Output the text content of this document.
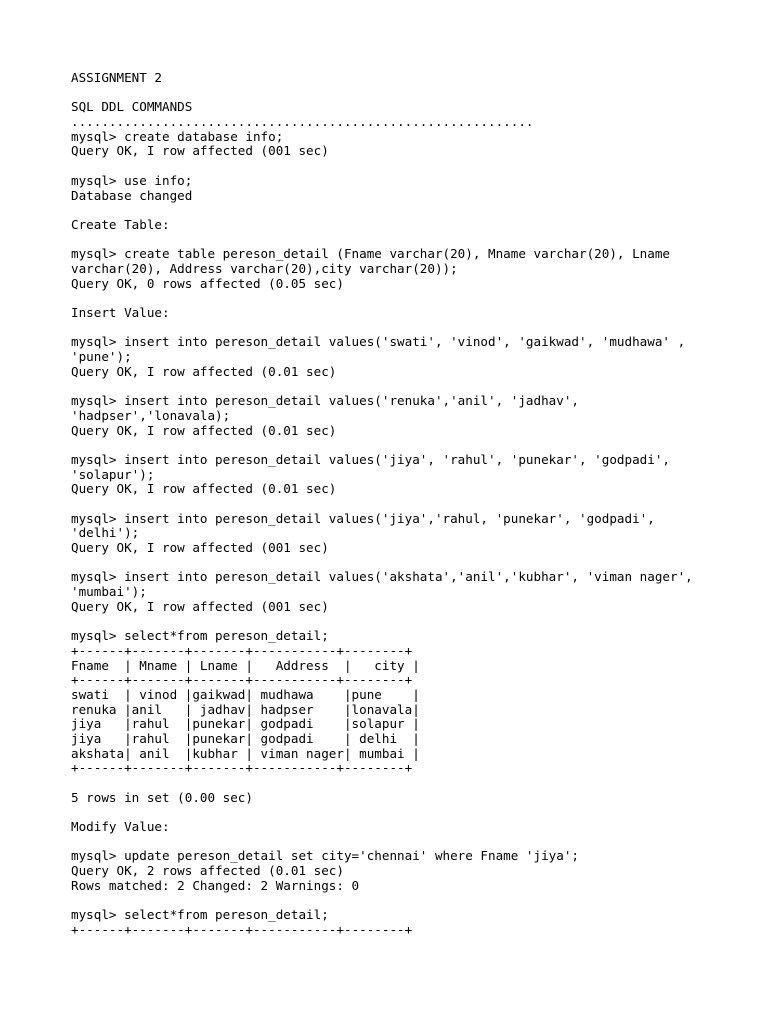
ASSIGNMENT 2
SQL DDL COMMANDS
.............................................................
mysql> create database info;
Query OK, I row affected (001 sec)
mysql> use info;
Database changed
Create Table:
mysql> create table pereson_detail (Fname varchar(20), Mname varchar(20), Lname
varchar(20), Address varchar(20),city varchar(20));
Query OK, 0 rows affected (0.05 sec)
Insert Value:
mysql> insert into pereson_detail values('swati', 'vinod', 'gaikwad', 'mudhawa' ,
'pune');
Query OK, I row affected (0.01 sec)
mysql> insert into pereson_detail values('renuka','anil', 'jadhav',
'hadpser','lonavala);
Query OK, I row affected (0.01 sec)
mysql> insert into pereson_detail values('jiya', 'rahul', 'punekar', 'godpadi',
'solapur');
Query OK, I row affected (0.01 sec)
mysql> insert into pereson_detail values('jiya','rahul, 'punekar', 'godpadi',
'delhi');
Query OK, I row affected (001 sec)
mysql> insert into pereson_detail values('akshata','anil','kubhar', 'viman nager',
'mumbai');
Query OK, I row affected (001 sec)
mysql> select*from pereson_detail;
+------+-------+-------+-----------+--------+
Fname  | Mname | Lname |   Address  |   city |
+------+-------+-------+-----------+--------+
swati  | vinod |gaikwad| mudhawa    |pune    |
renuka |anil   | jadhav| hadpser    |lonavala|
jiya   |rahul  |punekar| godpadi    |solapur |
jiya   |rahul  |punekar| godpadi    | delhi  |
akshata| anil  |kubhar | viman nager| mumbai |
+------+-------+-------+-----------+--------+
5 rows in set (0.00 sec)
Modify Value:
mysql> update pereson_detail set city='chennai' where Fname 'jiya';
Query OK, 2 rows affected (0.01 sec)
Rows matched: 2 Changed: 2 Warnings: 0
mysql> select*from pereson_detail;
+------+-------+-------+-----------+--------+
